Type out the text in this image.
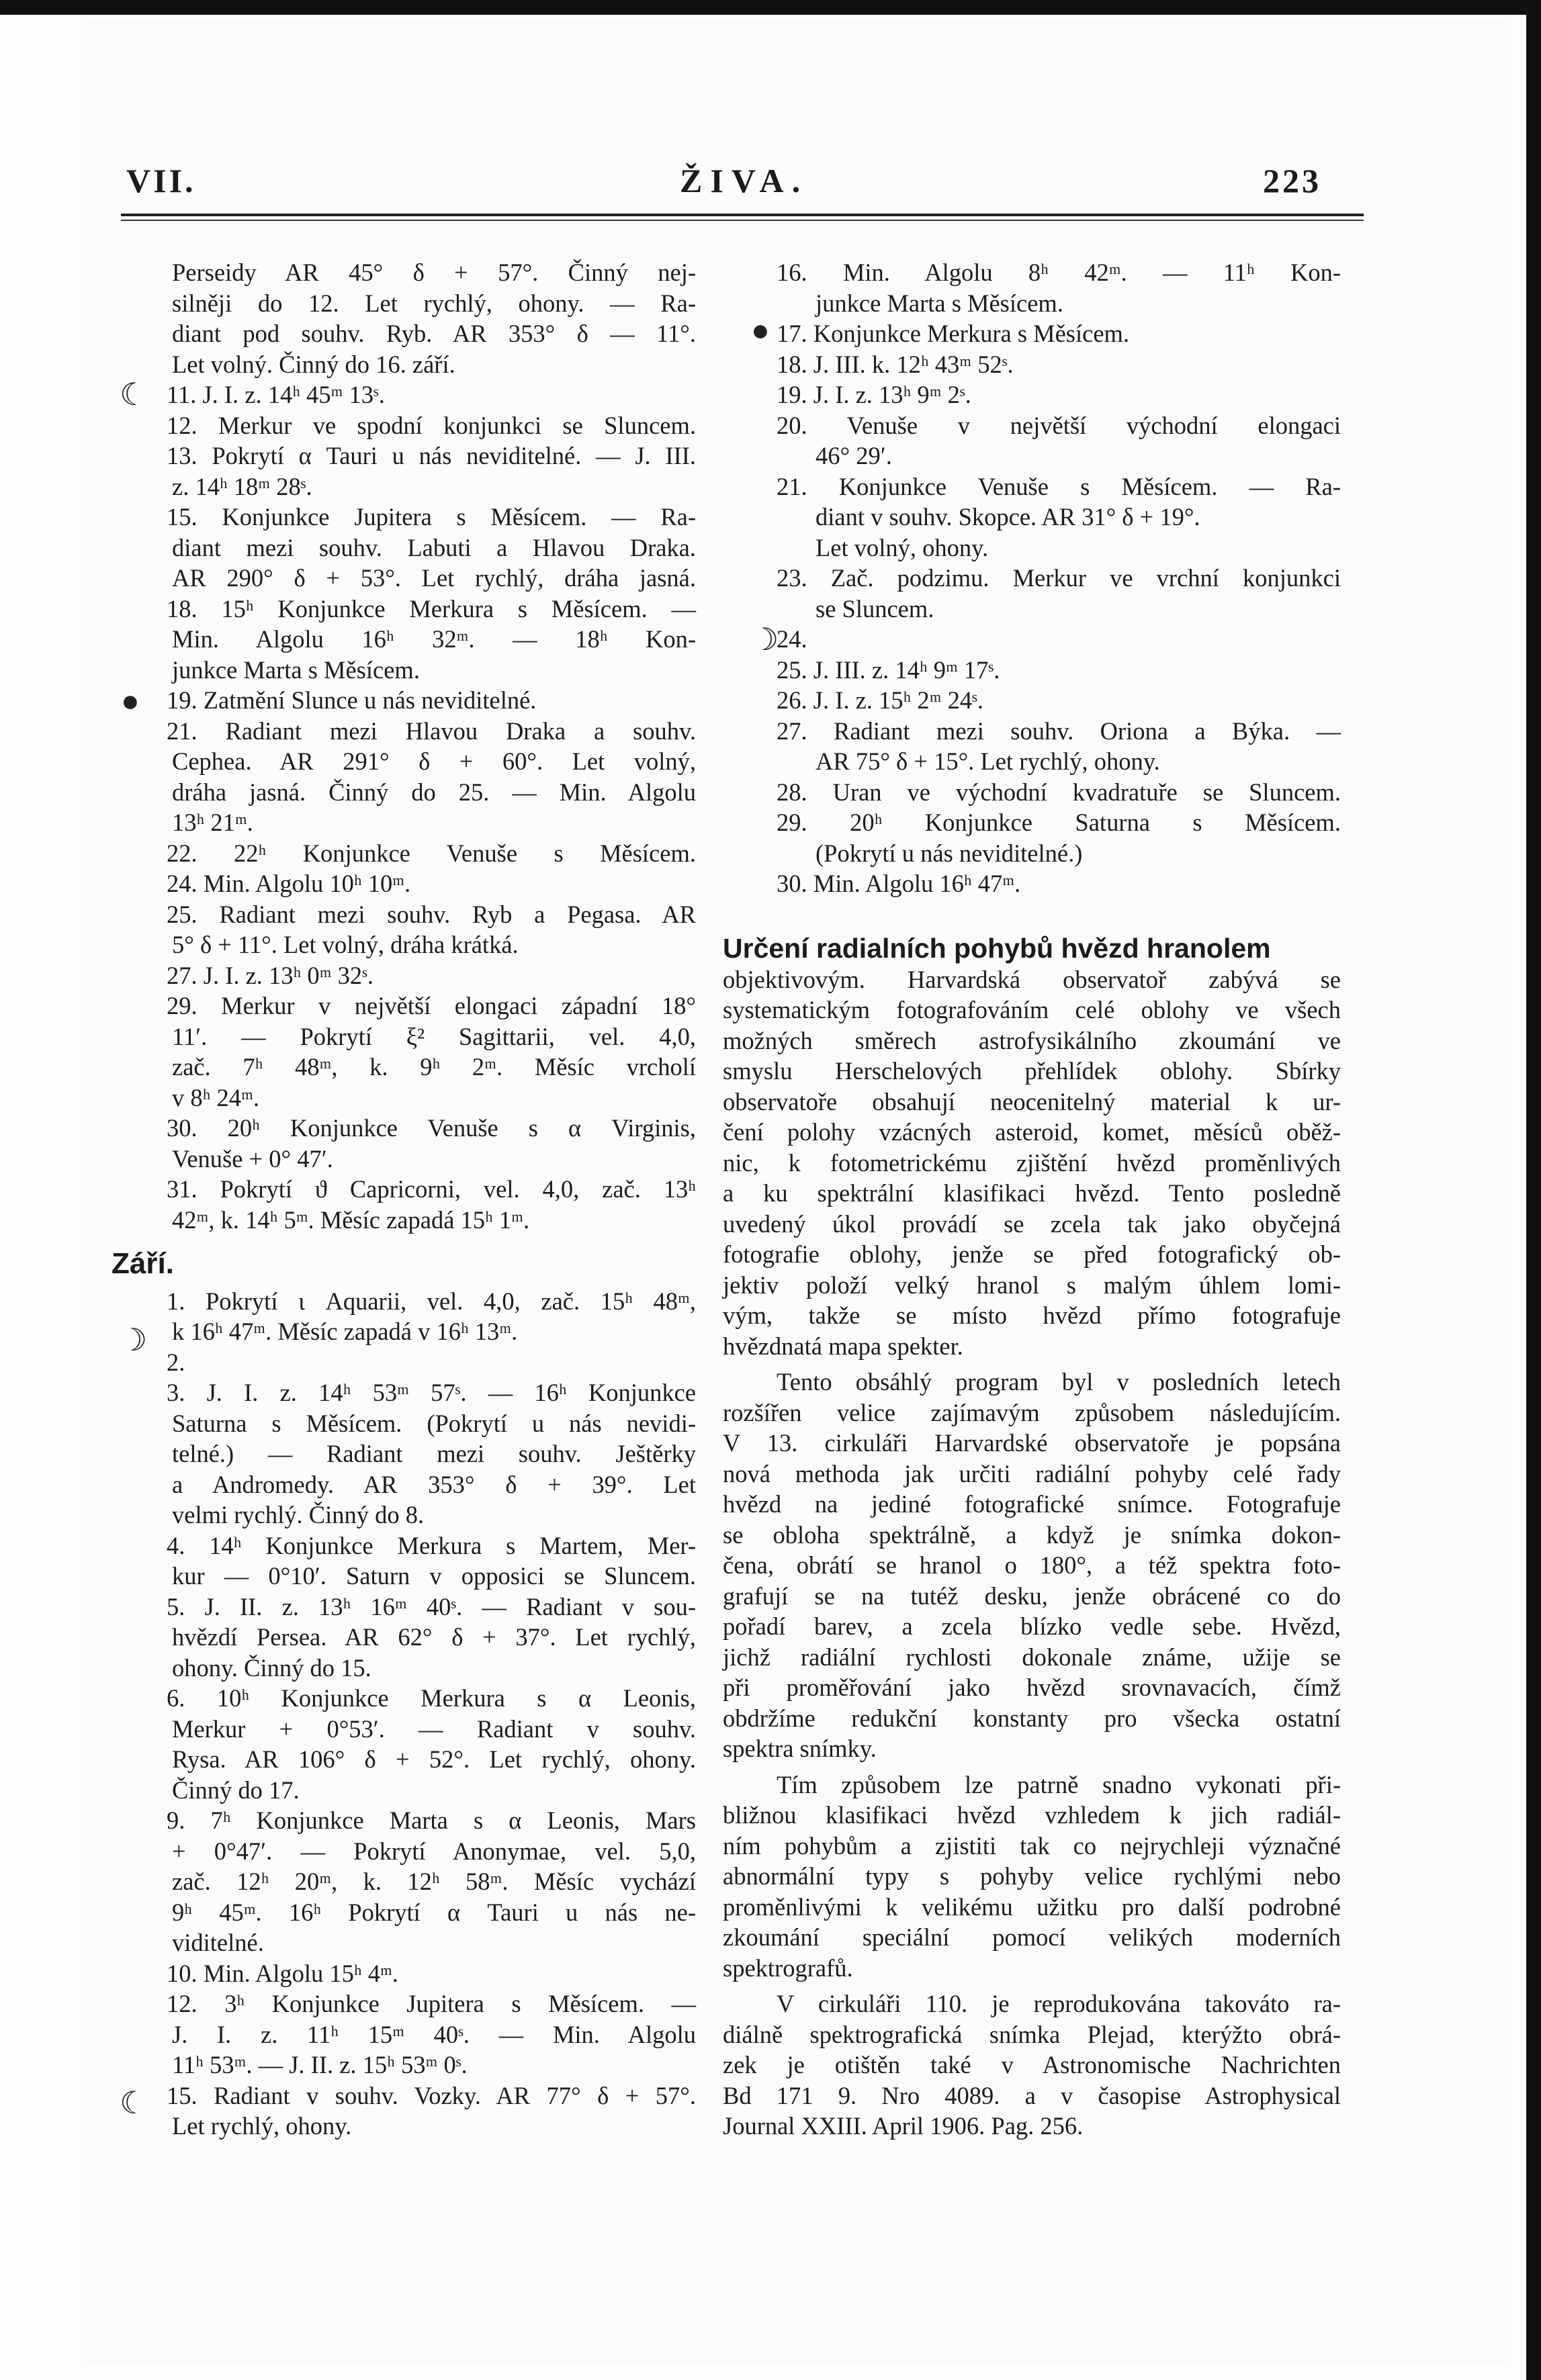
VII.	ŽIVA.	223
☾
●
☽
☾
●
☽

Perseidy AR 45° δ + 57°. Činný nej-

silněji do 12. Let rychlý, ohony. — Ra-

diant pod souhv. Ryb. AR 353° δ — 11°.

Let volný. Činný do 16. září.

11. J. I. z. 14ʰ 45ᵐ 13ˢ.

12. Merkur ve spodní konjunkci se Sluncem.

13. Pokrytí α Tauri u nás neviditelné. — J. III.

z. 14ʰ 18ᵐ 28ˢ.

15. Konjunkce Jupitera s Měsícem. — Ra-

diant mezi souhv. Labuti a Hlavou Draka.

AR 290° δ + 53°. Let rychlý, dráha jasná.

18. 15ʰ Konjunkce Merkura s Měsícem. —

Min. Algolu 16ʰ 32ᵐ. — 18ʰ Kon-

junkce Marta s Měsícem.

19. Zatmění Slunce u nás neviditelné.

21. Radiant mezi Hlavou Draka a souhv.

Cephea. AR 291° δ + 60°. Let volný,

dráha jasná. Činný do 25. — Min. Algolu

13ʰ 21ᵐ.

22. 22ʰ Konjunkce Venuše s Měsícem.

24. Min. Algolu 10ʰ 10ᵐ.

25. Radiant mezi souhv. Ryb a Pegasa. AR

5° δ + 11°. Let volný, dráha krátká.

27. J. I. z. 13ʰ 0ᵐ 32ˢ.

29. Merkur v největší elongaci západní 18°

11′. — Pokrytí ξ² Sagittarii, vel. 4,0,

zač. 7ʰ 48ᵐ, k. 9ʰ 2ᵐ. Měsíc vrcholí

v 8ʰ 24ᵐ.

30. 20ʰ Konjunkce Venuše s α Virginis,

Venuše + 0° 47′.

31. Pokrytí ϑ Capricorni, vel. 4,0, zač. 13ʰ

42ᵐ, k. 14ʰ 5ᵐ. Měsíc zapadá 15ʰ 1ᵐ.

Září.

1. Pokrytí ι Aquarii, vel. 4,0, zač. 15ʰ 48ᵐ,

k 16ʰ 47ᵐ. Měsíc zapadá v 16ʰ 13ᵐ.

2.

3. J. I. z. 14ʰ 53ᵐ 57ˢ. — 16ʰ Konjunkce

Saturna s Měsícem. (Pokrytí u nás nevidi-

telné.) — Radiant mezi souhv. Ještěrky

a Andromedy. AR 353° δ + 39°. Let

velmi rychlý. Činný do 8.

4. 14ʰ Konjunkce Merkura s Martem, Mer-

kur — 0°10′. Saturn v opposici se Sluncem.

5. J. II. z. 13ʰ 16ᵐ 40ˢ. — Radiant v sou-

hvězdí Persea. AR 62° δ + 37°. Let rychlý,

ohony. Činný do 15.

6. 10ʰ Konjunkce Merkura s α Leonis,

Merkur + 0°53′. — Radiant v souhv.

Rysa. AR 106° δ + 52°. Let rychlý, ohony.

Činný do 17.

9. 7ʰ Konjunkce Marta s α Leonis, Mars

+ 0°47′. — Pokrytí Anonymae, vel. 5,0,

zač. 12ʰ 20ᵐ, k. 12ʰ 58ᵐ. Měsíc vychází

9ʰ 45ᵐ. 16ʰ Pokrytí α Tauri u nás ne-

viditelné.

10. Min. Algolu 15ʰ 4ᵐ.

12. 3ʰ Konjunkce Jupitera s Měsícem. —

J. I. z. 11ʰ 15ᵐ 40ˢ. — Min. Algolu

11ʰ 53ᵐ. — J. II. z. 15ʰ 53ᵐ 0ˢ.

15. Radiant v souhv. Vozky. AR 77° δ + 57°.

Let rychlý, ohony.

16. Min. Algolu 8ʰ 42ᵐ. — 11ʰ Kon-

junkce Marta s Měsícem.

17. Konjunkce Merkura s Měsícem.

18. J. III. k. 12ʰ 43ᵐ 52ˢ.

19. J. I. z. 13ʰ 9ᵐ 2ˢ.

20. Venuše v největší východní elongaci

46° 29′.

21. Konjunkce Venuše s Měsícem. — Ra-

diant v souhv. Skopce. AR 31° δ + 19°.

Let volný, ohony.

23. Zač. podzimu. Merkur ve vrchní konjunkci

se Sluncem.

24.

25. J. III. z. 14ʰ 9ᵐ 17ˢ.

26. J. I. z. 15ʰ 2ᵐ 24ˢ.

27. Radiant mezi souhv. Oriona a Býka. —

AR 75° δ + 15°. Let rychlý, ohony.

28. Uran ve východní kvadratuře se Sluncem.

29. 20ʰ Konjunkce Saturna s Měsícem.

(Pokrytí u nás neviditelné.)

30. Min. Algolu 16ʰ 47ᵐ.

Určení radialních pohybů hvězd hranolem

objektivovým. Harvardská observatoř zabývá se

systematickým fotografováním celé oblohy ve všech

možných směrech astrofysikálního zkoumání ve

smyslu Herschelových přehlídek oblohy. Sbírky

observatoře obsahují neocenitelný material k ur-

čení polohy vzácných asteroid, komet, měsíců oběž-

nic, k fotometrickému zjištění hvězd proměnlivých

a ku spektrální klasifikaci hvězd. Tento posledně

uvedený úkol provádí se zcela tak jako obyčejná

fotografie oblohy, jenže se před fotografický ob-

jektiv položí velký hranol s malým úhlem lomi-

vým, takže se místo hvězd přímo fotografuje

hvězdnatá mapa spekter.

Tento obsáhlý program byl v posledních letech

rozšířen velice zajímavým způsobem následujícím.

V 13. cirkuláři Harvardské observatoře je popsána

nová methoda jak určiti radiální pohyby celé řady

hvězd na jediné fotografické snímce. Fotografuje

se obloha spektrálně, a když je snímka dokon-

čena, obrátí se hranol o 180°, a též spektra foto-

grafují se na tutéž desku, jenže obrácené co do

pořadí barev, a zcela blízko vedle sebe. Hvězd,

jichž radiální rychlosti dokonale známe, užije se

při proměřování jako hvězd srovnavacích, čímž

obdržíme redukční konstanty pro všecka ostatní

spektra snímky.

Tím způsobem lze patrně snadno vykonati při-

bližnou klasifikaci hvězd vzhledem k jich radiál-

ním pohybům a zjistiti tak co nejrychleji význačné

abnormální typy s pohyby velice rychlými nebo

proměnlivými k velikému užitku pro další podrobné

zkoumání speciální pomocí velikých moderních

spektrografů.

V cirkuláři 110. je reprodukována takováto ra-

diálně spektrografická snímka Plejad, kterýžto obrá-

zek je otištěn také v Astronomische Nachrichten

Bd 171 9. Nro 4089. a v časopise Astrophysical

Journal XXIII. April 1906. Pag. 256.
